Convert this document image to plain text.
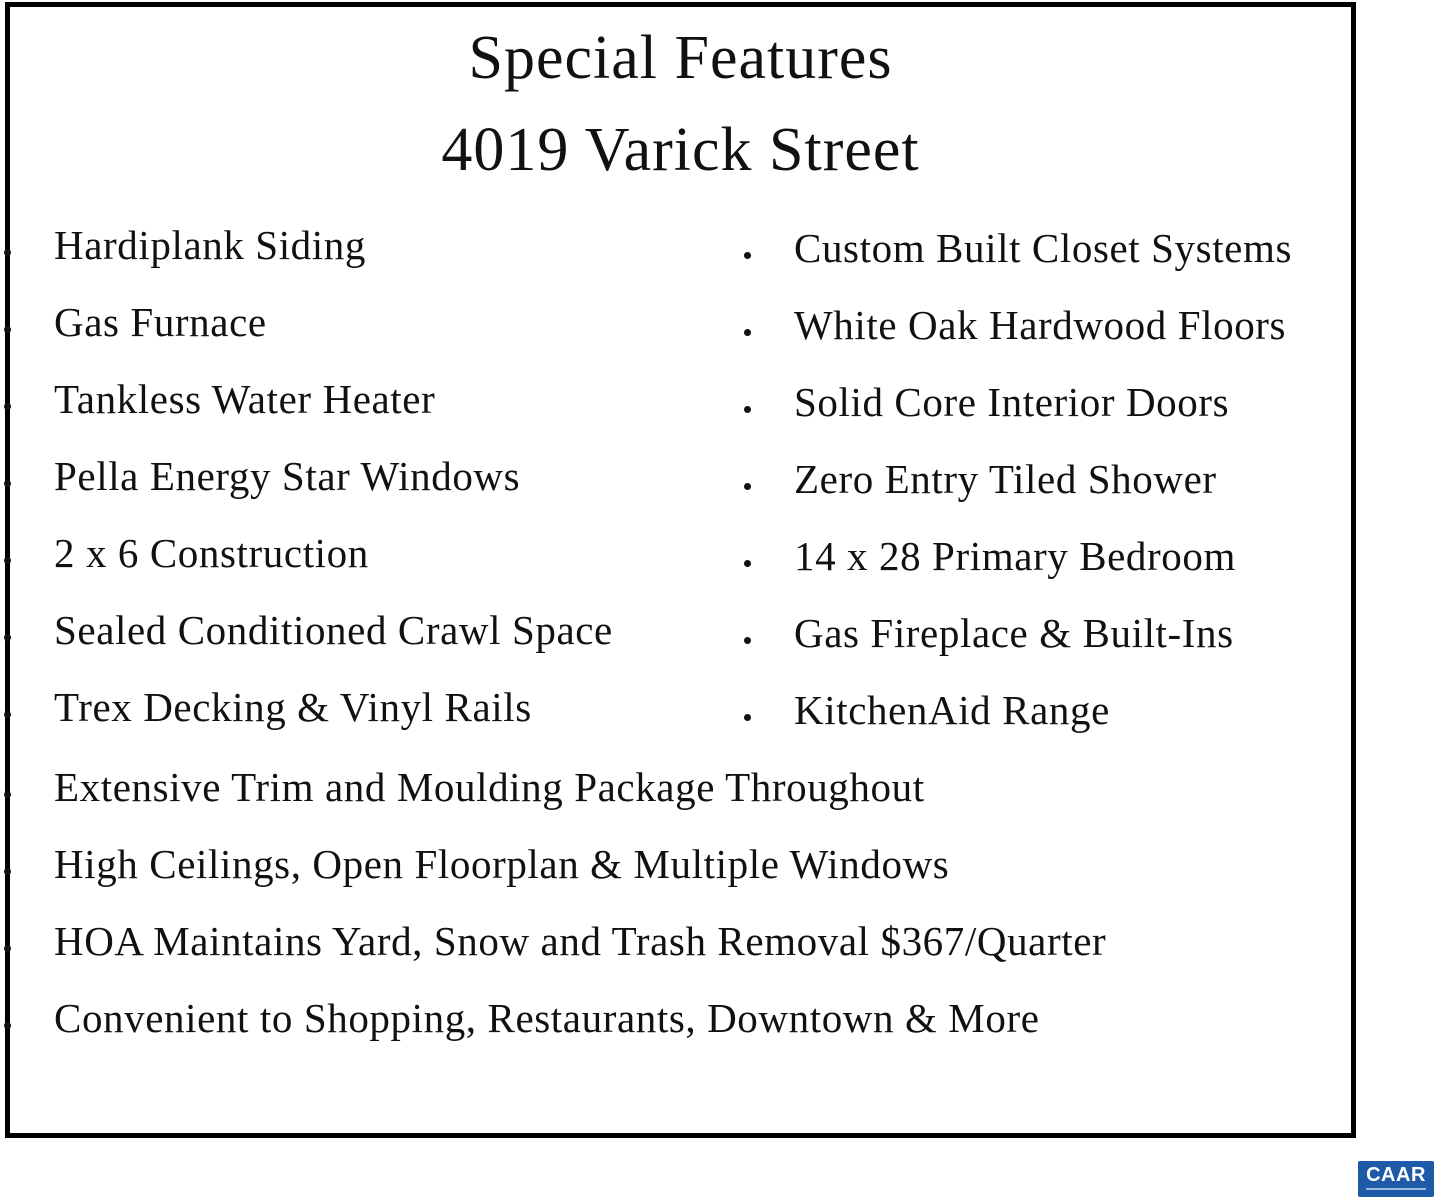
Special Features
4019 Varick Street
Hardiplank Siding
Gas Furnace
Tankless Water Heater
Pella Energy Star Windows
2 x 6 Construction
Sealed Conditioned Crawl Space
Trex Decking & Vinyl Rails
Custom Built Closet Systems
White Oak Hardwood Floors
Solid Core Interior Doors
Zero Entry Tiled Shower
14 x 28 Primary Bedroom
Gas Fireplace & Built-Ins
KitchenAid Range
Extensive Trim and Moulding Package Throughout
High Ceilings, Open Floorplan & Multiple Windows
HOA Maintains Yard, Snow and Trash Removal $367/Quarter
Convenient to Shopping, Restaurants, Downtown & More
CAAR
